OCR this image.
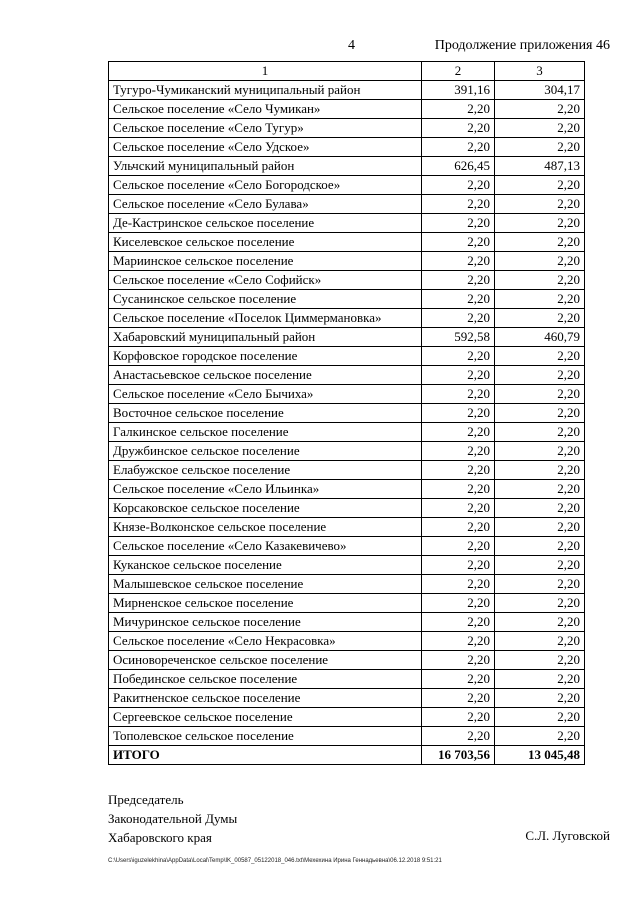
4	Продолжение приложения 46
1	2	3
Тугуро-Чумиканский муниципальный район	391,16	304,17
Сельское поселение «Село Чумикан»	2,20	2,20
Сельское поселение «Село Тугур»	2,20	2,20
Сельское поселение «Село Удское»	2,20	2,20
Ульчский муниципальный район	626,45	487,13
Сельское поселение «Село Богородское»	2,20	2,20
Сельское поселение «Село Булава»	2,20	2,20
Де-Кастринское сельское поселение	2,20	2,20
Киселевское сельское поселение	2,20	2,20
Мариинское сельское поселение	2,20	2,20
Сельское поселение «Село Софийск»	2,20	2,20
Сусанинское сельское поселение	2,20	2,20
Сельское поселение «Поселок Циммермановка»	2,20	2,20
Хабаровский муниципальный район	592,58	460,79
Корфовское городское поселение	2,20	2,20
Анастасьевское сельское поселение	2,20	2,20
Сельское поселение «Село Бычиха»	2,20	2,20
Восточное сельское поселение	2,20	2,20
Галкинское сельское поселение	2,20	2,20
Дружбинское сельское поселение	2,20	2,20
Елабужское сельское поселение	2,20	2,20
Сельское поселение «Село Ильинка»	2,20	2,20
Корсаковское сельское поселение	2,20	2,20
Князе-Волконское сельское поселение	2,20	2,20
Сельское поселение «Село Казакевичево»	2,20	2,20
Куканское сельское поселение	2,20	2,20
Малышевское сельское поселение	2,20	2,20
Мирненское сельское поселение	2,20	2,20
Мичуринское сельское поселение	2,20	2,20
Сельское поселение «Село Некрасовка»	2,20	2,20
Осиновореченское сельское поселение	2,20	2,20
Побединское сельское поселение	2,20	2,20
Ракитненское сельское поселение	2,20	2,20
Сергеевское сельское поселение	2,20	2,20
Тополевское сельское поселение	2,20	2,20
ИТОГО	16 703,56	13 045,48
Председатель
Законодательной Думы
Хабаровского края	С.Л. Луговской
C:\Users\iguzelekhina\AppData\Local\Temp\IK_00587_05122018_046.txt\Мехехина Ирина Геннадьевна\06.12.2018 9:51:21
